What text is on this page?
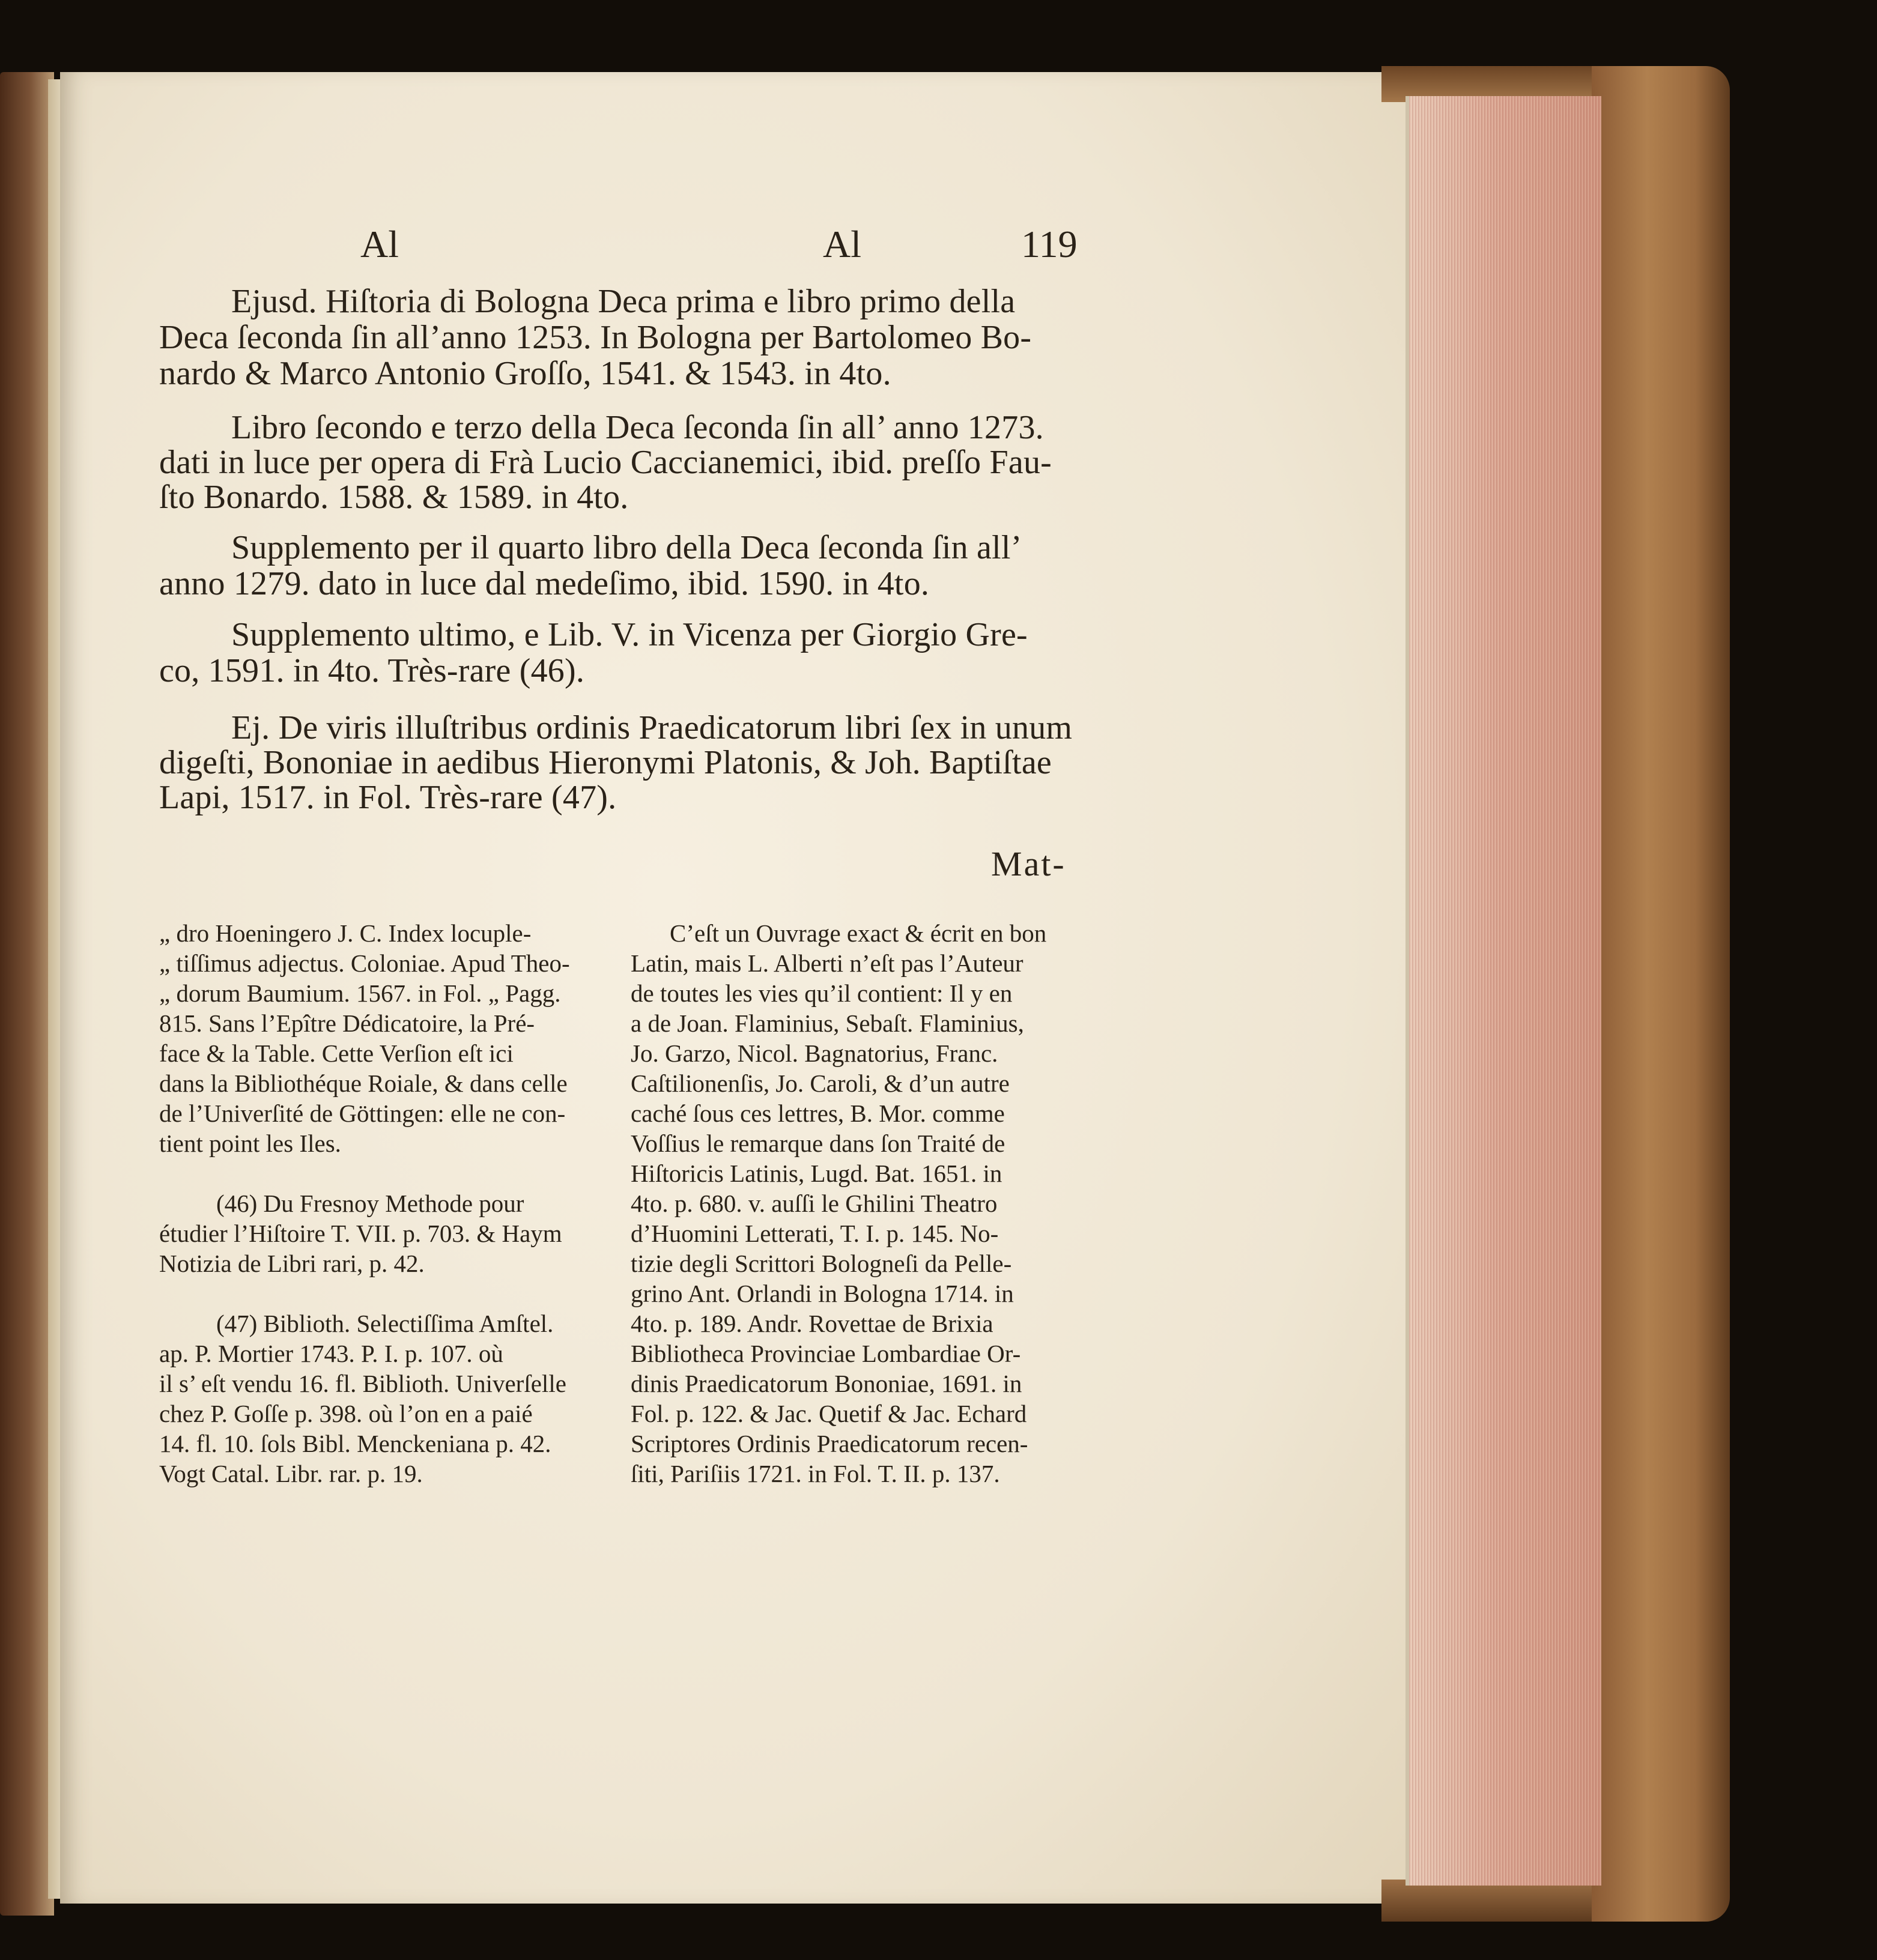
Al	Al	119
Ejusd. Hiſtoria di Bologna Deca prima e libro primo della
Deca ſeconda ſin all’anno 1253. In Bologna per Bartolomeo Bo-
nardo & Marco Antonio Groſſo, 1541. & 1543. in 4to.
Libro ſecondo e terzo della Deca ſeconda ſin all’ anno 1273.
dati in luce per opera di Frà Lucio Caccianemici, ibid. preſſo Fau-
ſto Bonardo. 1588. & 1589. in 4to.
Supplemento per il quarto libro della Deca ſeconda ſin all’
anno 1279. dato in luce dal medeſimo, ibid. 1590. in 4to.
Supplemento ultimo, e Lib. V. in Vicenza per Giorgio Gre-
co, 1591. in 4to. Très-rare (46).
Ej. De viris illuſtribus ordinis Praedicatorum libri ſex in unum
digeſti, Bononiae in aedibus Hieronymi Platonis, & Joh. Baptiſtae
Lapi, 1517. in Fol. Très-rare (47).
Mat-
„ dro Hoeningero J. C. Index locuple-
„ tiſſimus adjectus. Coloniae. Apud Theo-
„ dorum Baumium. 1567. in Fol. „ Pagg.
815. Sans l’Epître Dédicatoire, la Pré-
face & la Table. Cette Verſion eſt ici
dans la Bibliothéque Roiale, & dans celle
de l’Univerſité de Göttingen: elle ne con-
tient point les Iles.
(46) Du Fresnoy Methode pour
étudier l’Hiſtoire T. VII. p. 703. & Haym
Notizia de Libri rari, p. 42.
(47) Biblioth. Selectiſſima Amſtel.
ap. P. Mortier 1743. P. I. p. 107. où
il s’ eſt vendu 16. fl. Biblioth. Univerſelle
chez P. Goſſe p. 398. où l’on en a paié
14. fl. 10. ſols Bibl. Menckeniana p. 42.
Vogt Catal. Libr. rar. p. 19.
C’eſt un Ouvrage exact & écrit en bon
Latin, mais L. Alberti n’eſt pas l’Auteur
de toutes les vies qu’il contient: Il y en
a de Joan. Flaminius, Sebaſt. Flaminius,
Jo. Garzo, Nicol. Bagnatorius, Franc.
Caſtilionenſis, Jo. Caroli, & d’un autre
caché ſous ces lettres, B. Mor. comme
Voſſius le remarque dans ſon Traité de
Hiſtoricis Latinis, Lugd. Bat. 1651. in
4to. p. 680. v. auſſi le Ghilini Theatro
d’Huomini Letterati, T. I. p. 145. No-
tizie degli Scrittori Bologneſi da Pelle-
grino Ant. Orlandi in Bologna 1714. in
4to. p. 189. Andr. Rovettae de Brixia
Bibliotheca Provinciae Lombardiae Or-
dinis Praedicatorum Bononiae, 1691. in
Fol. p. 122. & Jac. Quetif & Jac. Echard
Scriptores Ordinis Praedicatorum recen-
ſiti, Pariſiis 1721. in Fol. T. II. p. 137.
